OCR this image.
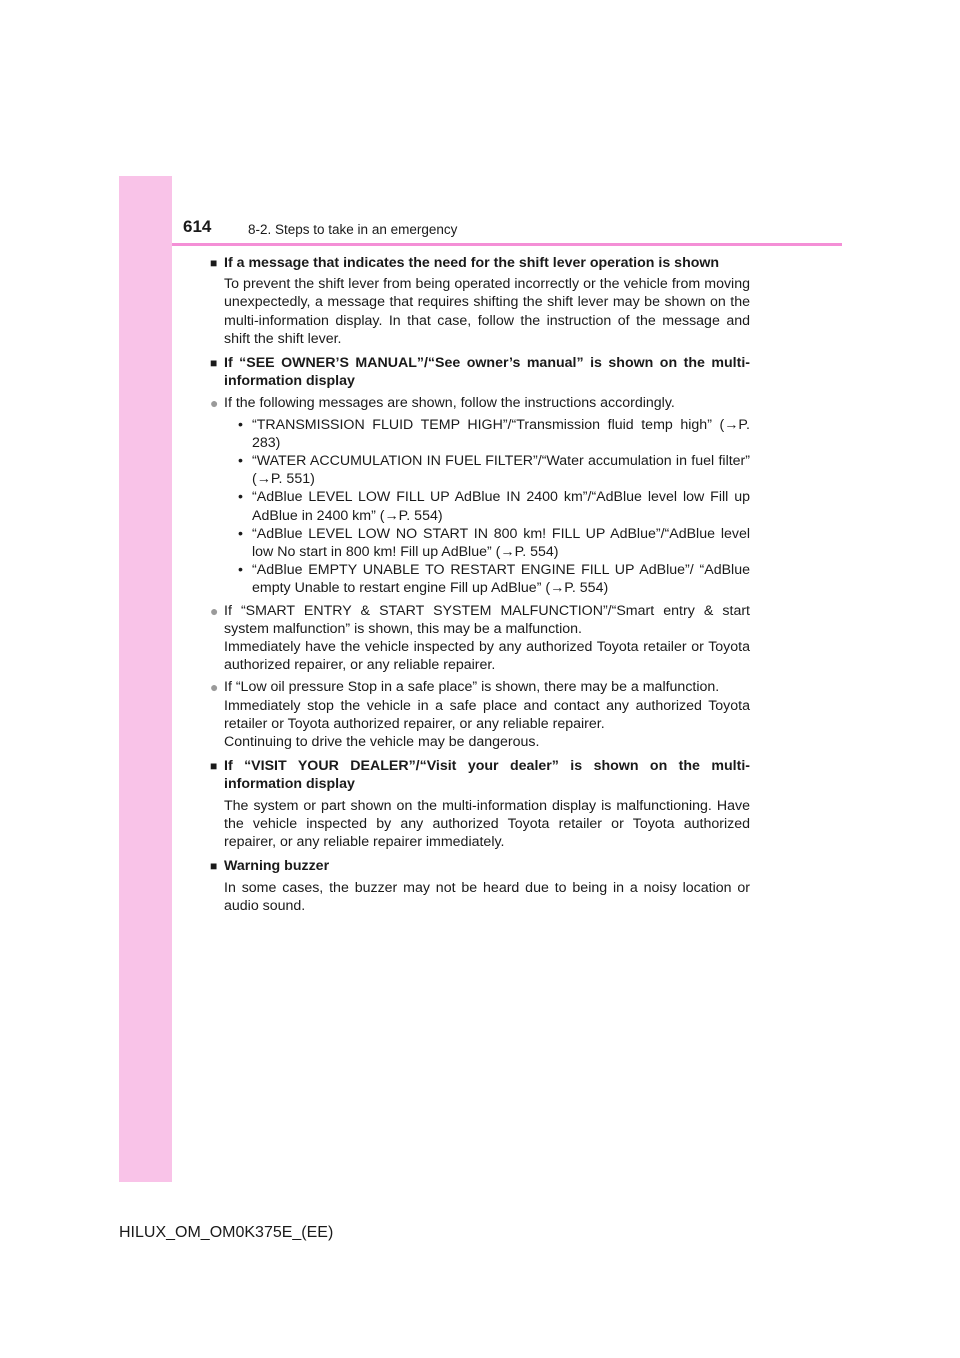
614	8-2. Steps to take in an emergency
■ If a message that indicates the need for the shift lever operation is shown
To prevent the shift lever from being operated incorrectly or the vehicle from moving unexpectedly, a message that requires shifting the shift lever may be shown on the multi-information display. In that case, follow the instruction of the message and shift the shift lever.
■ If “SEE OWNER’S MANUAL”/“See owner’s manual” is shown on the multi-information display
● If the following messages are shown, follow the instructions accordingly.
• “TRANSMISSION FLUID TEMP HIGH”/“Transmission fluid temp high” (→P. 283)
• “WATER ACCUMULATION IN FUEL FILTER”/“Water accumulation in fuel filter” (→P. 551)
• “AdBlue LEVEL LOW FILL UP AdBlue IN 2400 km”/“AdBlue level low Fill up AdBlue in 2400 km” (→P. 554)
• “AdBlue LEVEL LOW NO START IN 800 km! FILL UP AdBlue”/“AdBlue level low No start in 800 km! Fill up AdBlue” (→P. 554)
• “AdBlue EMPTY UNABLE TO RESTART ENGINE FILL UP AdBlue”/ “AdBlue empty Unable to restart engine Fill up AdBlue” (→P. 554)
● If “SMART ENTRY & START SYSTEM MALFUNCTION”/“Smart entry & start system malfunction” is shown, this may be a malfunction.
Immediately have the vehicle inspected by any authorized Toyota retailer or Toyota authorized repairer, or any reliable repairer.
● If “Low oil pressure Stop in a safe place” is shown, there may be a malfunction.
Immediately stop the vehicle in a safe place and contact any authorized Toyota retailer or Toyota authorized repairer, or any reliable repairer.
Continuing to drive the vehicle may be dangerous.
■ If “VISIT YOUR DEALER”/“Visit your dealer” is shown on the multi-information display
The system or part shown on the multi-information display is malfunctioning. Have the vehicle inspected by any authorized Toyota retailer or Toyota authorized repairer, or any reliable repairer immediately.
■ Warning buzzer
In some cases, the buzzer may not be heard due to being in a noisy location or audio sound.
HILUX_OM_OM0K375E_(EE)
